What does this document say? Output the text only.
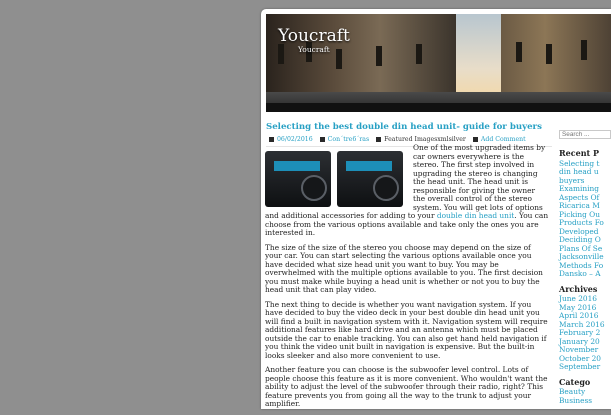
Youcraft
Youcraft
Selecting the best double din head unit- guide for buyers
06/02/2016 Con´tre6´ras Featured Imagesxmlsilver Add Comment
Search ...

One of the most upgraded items by car owners everywhere is the stereo. The first step involved in upgrading the stereo is changing the head unit. The head unit is responsible for giving the owner the overall control of the stereo system. You will get lots of options and additional accessories for adding to your double din head unit. You can choose from the various options available and take only the ones you are interested in.

The size of the size of the stereo you choose may depend on the size of your car. You can start selecting the various options available once you have decided what size head unit you want to buy. You may be overwhelmed with the multiple options available to you. The first decision you must make while buying a head unit is whether or not you to buy the head unit that can play video.

The next thing to decide is whether you want navigation system. If you have decided to buy the video deck in your best double din head unit you will find a built in navigation system with it. Navigation system will require additional features like hard drive and an antenna which must be placed outside the car to enable tracking. You can also get hand held navigation if you think the video unit built in navigation is expensive. But the built-in looks sleeker and also more convenient to use.

Another feature you can choose is the subwoofer level control. Lots of people choose this feature as it is more convenient. Who wouldn't want the ability to adjust the level of the subwoofer through their radio, right? This feature prevents you from going all the way to the trunk to adjust your amplifier.

Recent P
Selecting t
din head u
buyers
Examining
Aspects Of
Ricarica M
Picking Ou
Products Fo
Developed
Deciding O
Plans Of Se
Jacksonville
Methods Fo
Dansko – A
Archives
June 2016
May 2016
April 2016
March 2016
February 2
January 20
November
October 20
September
Catego
Beauty
Business
